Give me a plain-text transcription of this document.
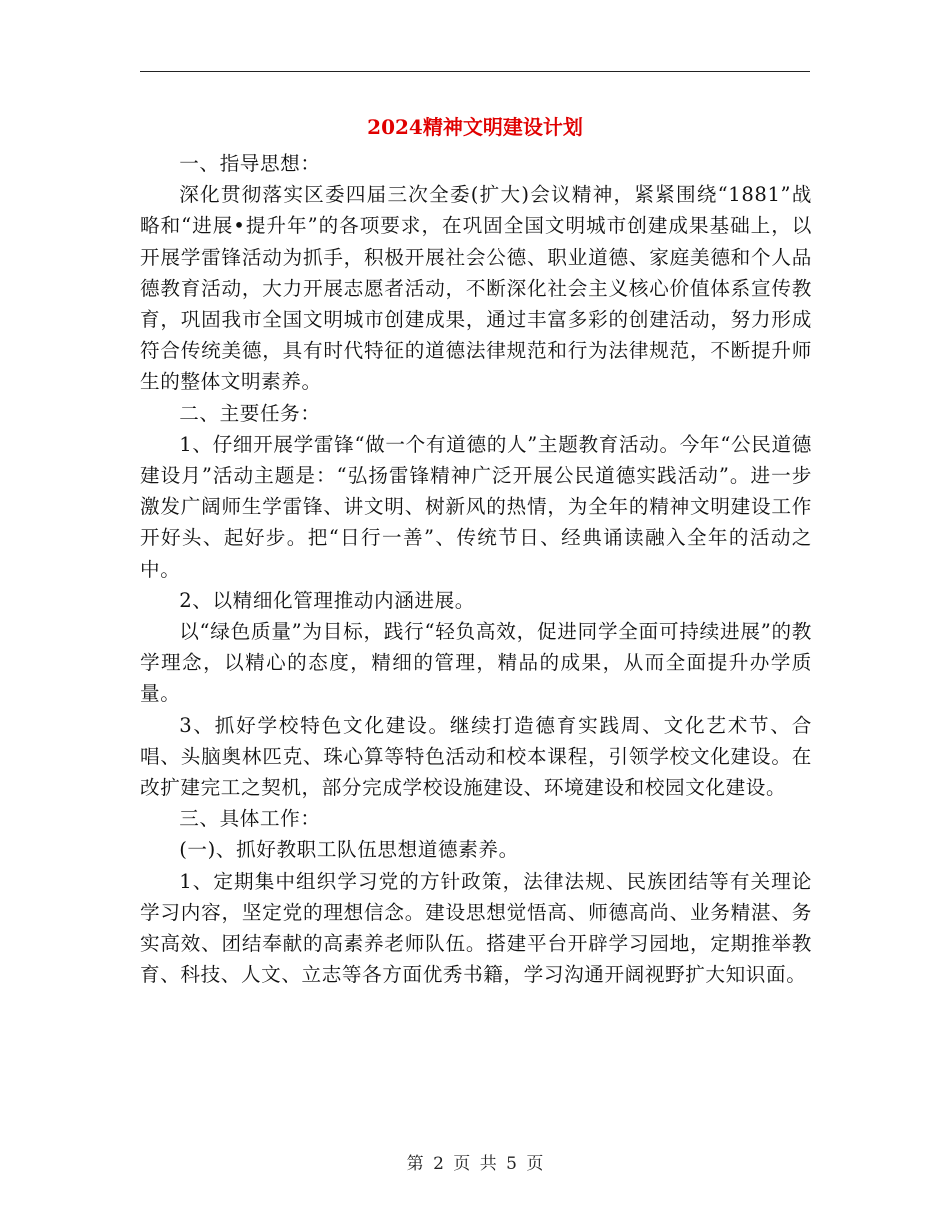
2024精神文明建设计划

一、指导思想：

深化贯彻落实区委四届三次全委(扩大)会议精神，紧紧围绕“1881”战略和“进展•提升年”的各项要求，在巩固全国文明城市创建成果基础上，以开展学雷锋活动为抓手，积极开展社会公德、职业道德、家庭美德和个人品德教育活动，大力开展志愿者活动，不断深化社会主义核心价值体系宣传教育，巩固我市全国文明城市创建成果，通过丰富多彩的创建活动，努力形成符合传统美德，具有时代特征的道德法律规范和行为法律规范，不断提升师生的整体文明素养。

二、主要任务：

1、仔细开展学雷锋“做一个有道德的人”主题教育活动。今年“公民道德建设月”活动主题是：“弘扬雷锋精神广泛开展公民道德实践活动”。进一步激发广阔师生学雷锋、讲文明、树新风的热情，为全年的精神文明建设工作开好头、起好步。把“日行一善”、传统节日、经典诵读融入全年的活动之中。

2、以精细化管理推动内涵进展。

以“绿色质量”为目标，践行“轻负高效，促进同学全面可持续进展”的教学理念，以精心的态度，精细的管理，精品的成果，从而全面提升办学质量。

3、抓好学校特色文化建设。继续打造德育实践周、文化艺术节、合唱、头脑奥林匹克、珠心算等特色活动和校本课程，引领学校文化建设。在改扩建完工之契机，部分完成学校设施建设、环境建设和校园文化建设。

三、具体工作：

(一)、抓好教职工队伍思想道德素养。

1、定期集中组织学习党的方针政策，法律法规、民族团结等有关理论学习内容，坚定党的理想信念。建设思想觉悟高、师德高尚、业务精湛、务实高效、团结奉献的高素养老师队伍。搭建平台开辟学习园地，定期推举教育、科技、人文、立志等各方面优秀书籍，学习沟通开阔视野扩大知识面。

第 2 页 共 5 页
